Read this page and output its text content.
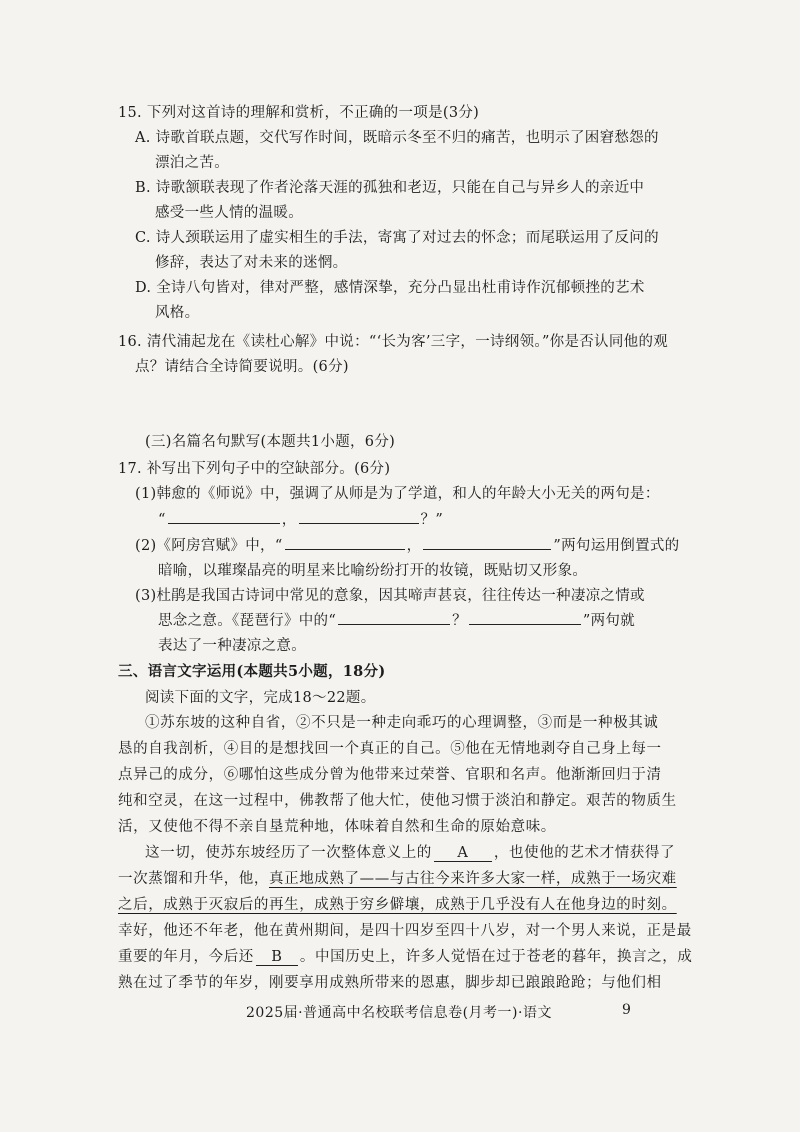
15. 下列对这首诗的理解和赏析，不正确的一项是(3分)
A. 诗歌首联点题，交代写作时间，既暗示冬至不归的痛苦，也明示了困窘愁怨的
漂泊之苦。
B. 诗歌颔联表现了作者沦落天涯的孤独和老迈，只能在自己与异乡人的亲近中
感受一些人情的温暖。
C. 诗人颈联运用了虚实相生的手法，寄寓了对过去的怀念；而尾联运用了反问的
修辞，表达了对未来的迷惘。
D. 全诗八句皆对，律对严整，感情深挚，充分凸显出杜甫诗作沉郁顿挫的艺术
风格。
16. 清代浦起龙在《读杜心解》中说：“‘长为客’三字，一诗纲领。”你是否认同他的观
点？请结合全诗简要说明。(6分)
(三)名篇名句默写(本题共1小题，6分)
17. 补写出下列句子中的空缺部分。(6分)
(1)韩愈的《师说》中，强调了从师是为了学道，和人的年龄大小无关的两句是：
“	，	？”
(2)《阿房宫赋》中，“	，	”两句运用倒置式的
暗喻，以璀璨晶亮的明星来比喻纷纷打开的妆镜，既贴切又形象。
(3)杜鹃是我国古诗词中常见的意象，因其啼声甚哀，往往传达一种凄凉之情或
思念之意。《琵琶行》中的“	？	”两句就
表达了一种凄凉之意。
三、语言文字运用(本题共5小题，18分)
阅读下面的文字，完成18～22题。
①苏东坡的这种自省，②不只是一种走向乖巧的心理调整，③而是一种极其诚
恳的自我剖析，④目的是想找回一个真正的自己。⑤他在无情地剥夺自己身上每一
点异己的成分，⑥哪怕这些成分曾为他带来过荣誉、官职和名声。他渐渐回归于清
纯和空灵，在这一过程中，佛教帮了他大忙，使他习惯于淡泊和静定。艰苦的物质生
活，又使他不得不亲自垦荒种地，体味着自然和生命的原始意味。
这一切，使苏东坡经历了一次整体意义上的 A ，也使他的艺术才情获得了
一次蒸馏和升华，他，真正地成熟了——与古往今来许多大家一样，成熟于一场灾难
之后，成熟于灭寂后的再生，成熟于穷乡僻壤，成熟于几乎没有人在他身边的时刻。
幸好，他还不年老，他在黄州期间，是四十四岁至四十八岁，对一个男人来说，正是最
重要的年月，今后还 B 。中国历史上，许多人觉悟在过于苍老的暮年，换言之，成
熟在过了季节的年岁，刚要享用成熟所带来的恩惠，脚步却已踉踉跄跄；与他们相
2025届·普通高中名校联考信息卷(月考一)·语文	9
